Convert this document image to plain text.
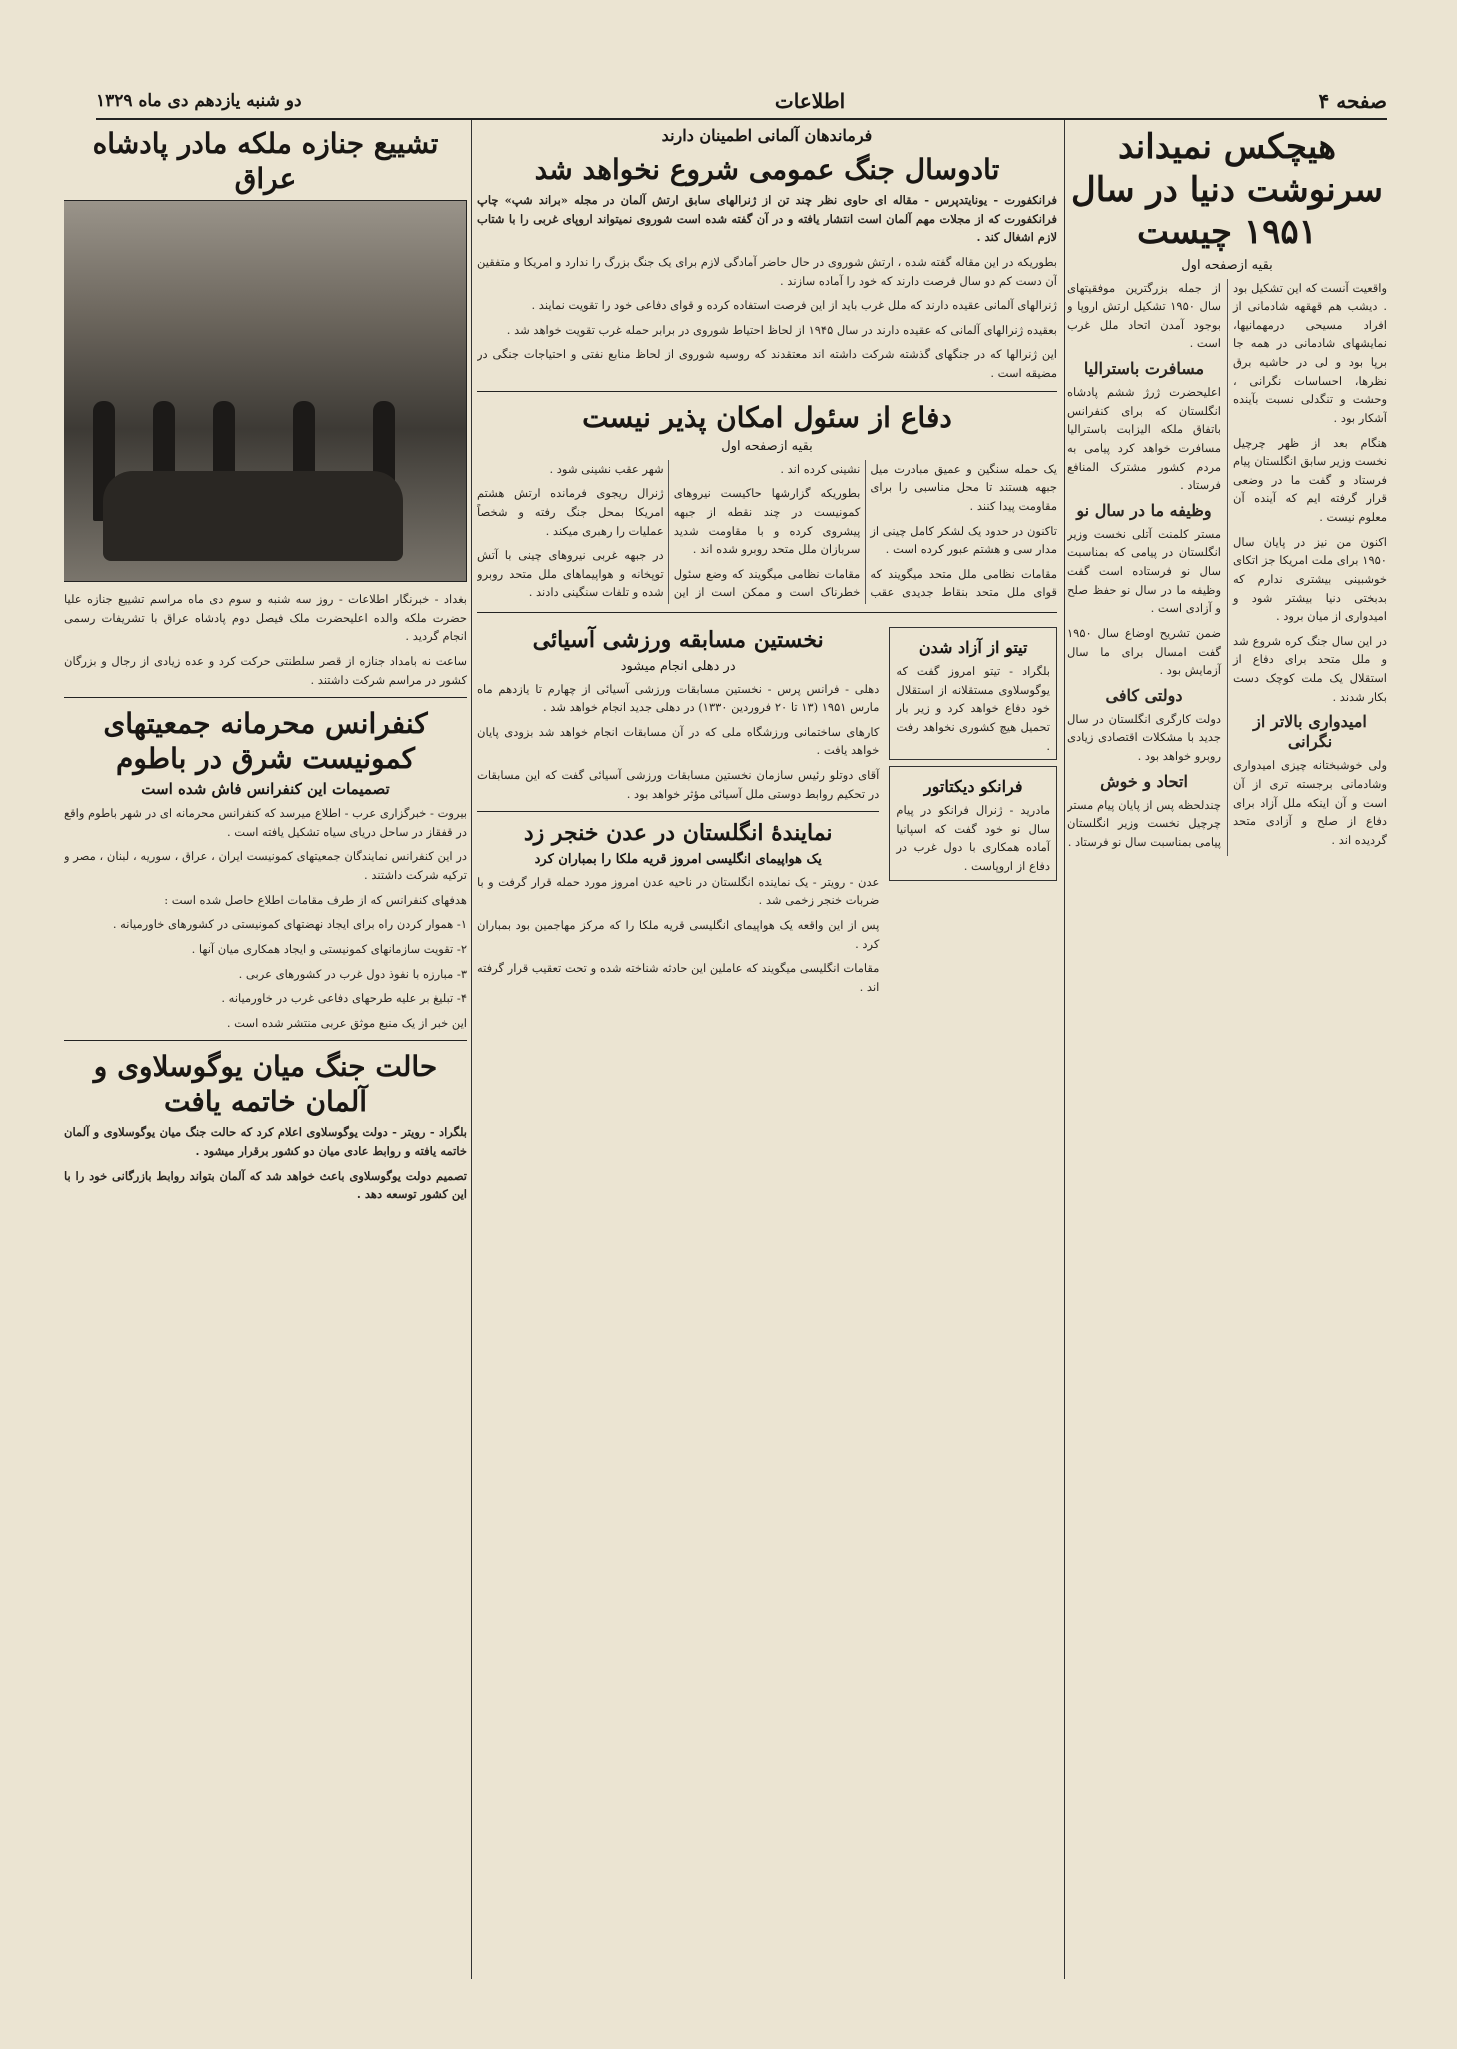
صفحه ۴
اطلاعات
دو شنبه یازدهم دی ماه ۱۳۲۹
هیچکس نمیداند سرنوشت دنیا در سال ۱۹۵۱ چیست
بقیه ازصفحه اول

واقعیت آنست که این تشکیل بود . دیشب هم قهقهه شادمانی از افراد مسیحی درمهمانیها، نمایشهای شادمانی در همه جا برپا بود و لی در حاشیه برق نظرها، احساسات نگرانی ، وحشت و تنگدلی نسبت بآینده آشکار بود .

هنگام بعد از ظهر چرچیل نخست وزیر سابق انگلستان پیام فرستاد و گفت ما در وضعی قرار گرفته ایم که آینده آن معلوم نیست .

اکنون من نیز در پایان سال ۱۹۵۰ برای ملت امریکا جز اتکای خوشبینی بیشتری ندارم که بدبختی دنیا بیشتر شود و امیدواری از میان برود .

در این سال جنگ کره شروع شد و ملل متحد برای دفاع از استقلال یک ملت کوچک دست بکار شدند .

امیدواری بالاتر از نگرانی

ولی خوشبختانه چیزی امیدواری وشادمانی برجسته تری از آن است و آن اینکه ملل آزاد برای دفاع از صلح و آزادی متحد گردیده اند .

از جمله بزرگترین موفقیتهای سال ۱۹۵۰ تشکیل ارتش اروپا و بوجود آمدن اتحاد ملل غرب است .

مسافرت باسترالیا

اعلیحضرت ژرژ ششم پادشاه انگلستان که برای کنفرانس باتفاق ملکه الیزابت باسترالیا مسافرت خواهد کرد پیامی به مردم کشور مشترک المنافع فرستاد .

وظیفه ما در سال نو

مستر کلمنت آتلی نخست وزیر انگلستان در پیامی که بمناسبت سال نو فرستاده است گفت وظیفه ما در سال نو حفظ صلح و آزادی است .

ضمن تشریح اوضاع سال ۱۹۵۰ گفت امسال برای ما سال آزمایش بود .

دولتی کافی

دولت کارگری انگلستان در سال جدید با مشکلات اقتصادی زیادی روبرو خواهد بود .

اتحاد و خوش

چندلحظه پس از پایان پیام مستر چرچیل نخست وزیر انگلستان پیامی بمناسبت سال نو فرستاد .

فرماندهان آلمانی اطمینان دارند
تادوسال جنگ عمومی شروع نخواهد شد

فرانکفورت - یونایتدپرس - مقاله ای حاوی نظر چند تن از ژنرالهای سابق ارتش آلمان در مجله «براند شپ» چاپ فرانکفورت که از مجلات مهم آلمان است انتشار یافته و در آن گفته شده است شوروی نمیتواند اروپای غربی را با شتاب لازم اشغال کند .

بطوریکه در این مقاله گفته شده ، ارتش شوروی در حال حاضر آمادگی لازم برای یک جنگ بزرگ را ندارد و امریکا و متفقین آن دست کم دو سال فرصت دارند که خود را آماده سازند .

ژنرالهای آلمانی عقیده دارند که ملل غرب باید از این فرصت استفاده کرده و قوای دفاعی خود را تقویت نمایند .

بعقیده ژنرالهای آلمانی که عقیده دارند در سال ۱۹۴۵ از لحاظ احتیاط شوروی در برابر حمله غرب تقویت خواهد شد .

این ژنرالها که در جنگهای گذشته شرکت داشته اند معتقدند که روسیه شوروی از لحاظ منابع نفتی و احتیاجات جنگی در مضیقه است .

دفاع از سئول امکان پذیر نیست
بقیه ازصفحه اول

یک حمله سنگین و عمیق مبادرت میل جبهه هستند تا محل مناسبی را برای مقاومت پیدا کنند .

تاکنون در حدود یک لشکر کامل چینی از مدار سی و هشتم عبور کرده است .

مقامات نظامی ملل متحد میگویند که قوای ملل متحد بنقاط جدیدی عقب نشینی کرده اند .

بطوریکه گزارشها حاکیست نیروهای کمونیست در چند نقطه از جبهه پیشروی کرده و با مقاومت شدید سربازان ملل متحد روبرو شده اند .

مقامات نظامی میگویند که وضع سئول خطرناک است و ممکن است از این شهر عقب نشینی شود .

ژنرال ریجوی فرمانده ارتش هشتم امریکا بمحل جنگ رفته و شخصاً عملیات را رهبری میکند .

در جبهه غربی نیروهای چینی با آتش توپخانه و هواپیماهای ملل متحد روبرو شده و تلفات سنگینی دادند .

تیتو از آزاد شدن
بلگراد - تیتو امروز گفت که یوگوسلاوی مستقلانه از استقلال خود دفاع خواهد کرد و زیر بار تحمیل هیچ کشوری نخواهد رفت .
فرانکو دیکتاتور
مادرید - ژنرال فرانکو در پیام سال نو خود گفت که اسپانیا آماده همکاری با دول غرب در دفاع از اروپاست .
نخستین مسابقه ورزشی آسیائی
در دهلی انجام میشود

دهلی - فرانس پرس - نخستین مسابقات ورزشی آسیائی از چهارم تا یازدهم ماه مارس ۱۹۵۱ (۱۳ تا ۲۰ فروردین ۱۳۳۰) در دهلی جدید انجام خواهد شد .

کارهای ساختمانی ورزشگاه ملی که در آن مسابقات انجام خواهد شد بزودی پایان خواهد یافت .

آقای دوتلو رئیس سازمان نخستین مسابقات ورزشی آسیائی گفت که این مسابقات در تحکیم روابط دوستی ملل آسیائی مؤثر خواهد بود .

نمایندۀ انگلستان در عدن خنجر زد
یک هواپیمای انگلیسی امروز قریه ملکا را بمباران کرد

عدن - رویتر - یک نماینده انگلستان در ناحیه عدن امروز مورد حمله قرار گرفت و با ضربات خنجر زخمی شد .

پس از این واقعه یک هواپیمای انگلیسی قریه ملکا را که مرکز مهاجمین بود بمباران کرد .

مقامات انگلیسی میگویند که عاملین این حادثه شناخته شده و تحت تعقیب قرار گرفته اند .

تشییع جنازه ملکه مادر پادشاه عراق

بغداد - خبرنگار اطلاعات - روز سه شنبه و سوم دی ماه مراسم تشییع جنازه علیا حضرت ملکه والده اعلیحضرت ملک فیصل دوم پادشاه عراق با تشریفات رسمی انجام گردید .

ساعت نه بامداد جنازه از قصر سلطنتی حرکت کرد و عده زیادی از رجال و بزرگان کشور در مراسم شرکت داشتند .

کنفرانس محرمانه جمعیتهای کمونیست شرق در باطوم
تصمیمات این کنفرانس فاش شده است

بیروت - خبرگزاری عرب - اطلاع میرسد که کنفرانس محرمانه ای در شهر باطوم واقع در قفقاز در ساحل دریای سیاه تشکیل یافته است .

در این کنفرانس نمایندگان جمعیتهای کمونیست ایران ، عراق ، سوریه ، لبنان ، مصر و ترکیه شرکت داشتند .

هدفهای کنفرانس که از طرف مقامات اطلاع حاصل شده است :

۱- هموار کردن راه برای ایجاد نهضتهای کمونیستی در کشورهای خاورمیانه .

۲- تقویت سازمانهای کمونیستی و ایجاد همکاری میان آنها .

۳- مبارزه با نفوذ دول غرب در کشورهای عربی .

۴- تبلیغ بر علیه طرحهای دفاعی غرب در خاورمیانه .

این خبر از یک منبع موثق عربی منتشر شده است .

حالت جنگ میان یوگوسلاوی و آلمان خاتمه یافت

بلگراد - رویتر - دولت یوگوسلاوی اعلام کرد که حالت جنگ میان یوگوسلاوی و آلمان خاتمه یافته و روابط عادی میان دو کشور برقرار میشود .

تصمیم دولت یوگوسلاوی باعث خواهد شد که آلمان بتواند روابط بازرگانی خود را با این کشور توسعه دهد .
